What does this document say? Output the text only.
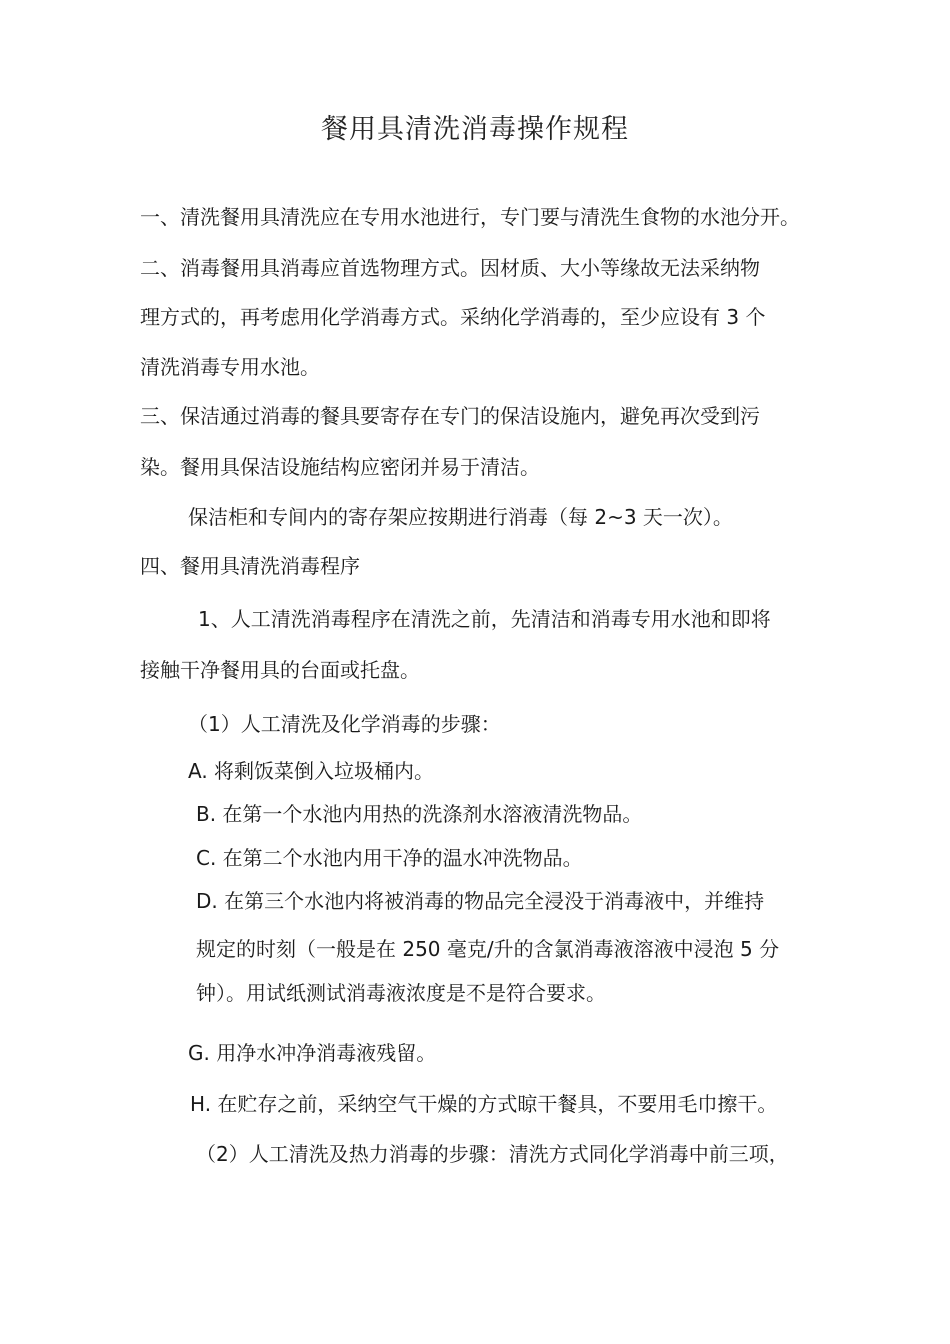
餐用具清洗消毒操作规程
一、清洗餐用具清洗应在专用水池进行，专门要与清洗生食物的水池分开。
二、消毒餐用具消毒应首选物理方式。因材质、大小等缘故无法采纳物
理方式的，再考虑用化学消毒方式。采纳化学消毒的，至少应设有 3 个
清洗消毒专用水池。
三、保洁通过消毒的餐具要寄存在专门的保洁设施内，避免再次受到污
染。餐用具保洁设施结构应密闭并易于清洁。
保洁柜和专间内的寄存架应按期进行消毒（每 2~3 天一次）。
四、餐用具清洗消毒程序
1、人工清洗消毒程序在清洗之前，先清洁和消毒专用水池和即将
接触干净餐用具的台面或托盘。
（1）人工清洗及化学消毒的步骤：
A. 将剩饭菜倒入垃圾桶内。
B. 在第一个水池内用热的洗涤剂水溶液清洗物品。
C. 在第二个水池内用干净的温水冲洗物品。
D. 在第三个水池内将被消毒的物品完全浸没于消毒液中，并维持
规定的时刻（一般是在 250 毫克/升的含氯消毒液溶液中浸泡 5 分
钟）。用试纸测试消毒液浓度是不是符合要求。
G. 用净水冲净消毒液残留。
H. 在贮存之前，采纳空气干燥的方式晾干餐具，不要用毛巾擦干。
（2）人工清洗及热力消毒的步骤：清洗方式同化学消毒中前三项，
